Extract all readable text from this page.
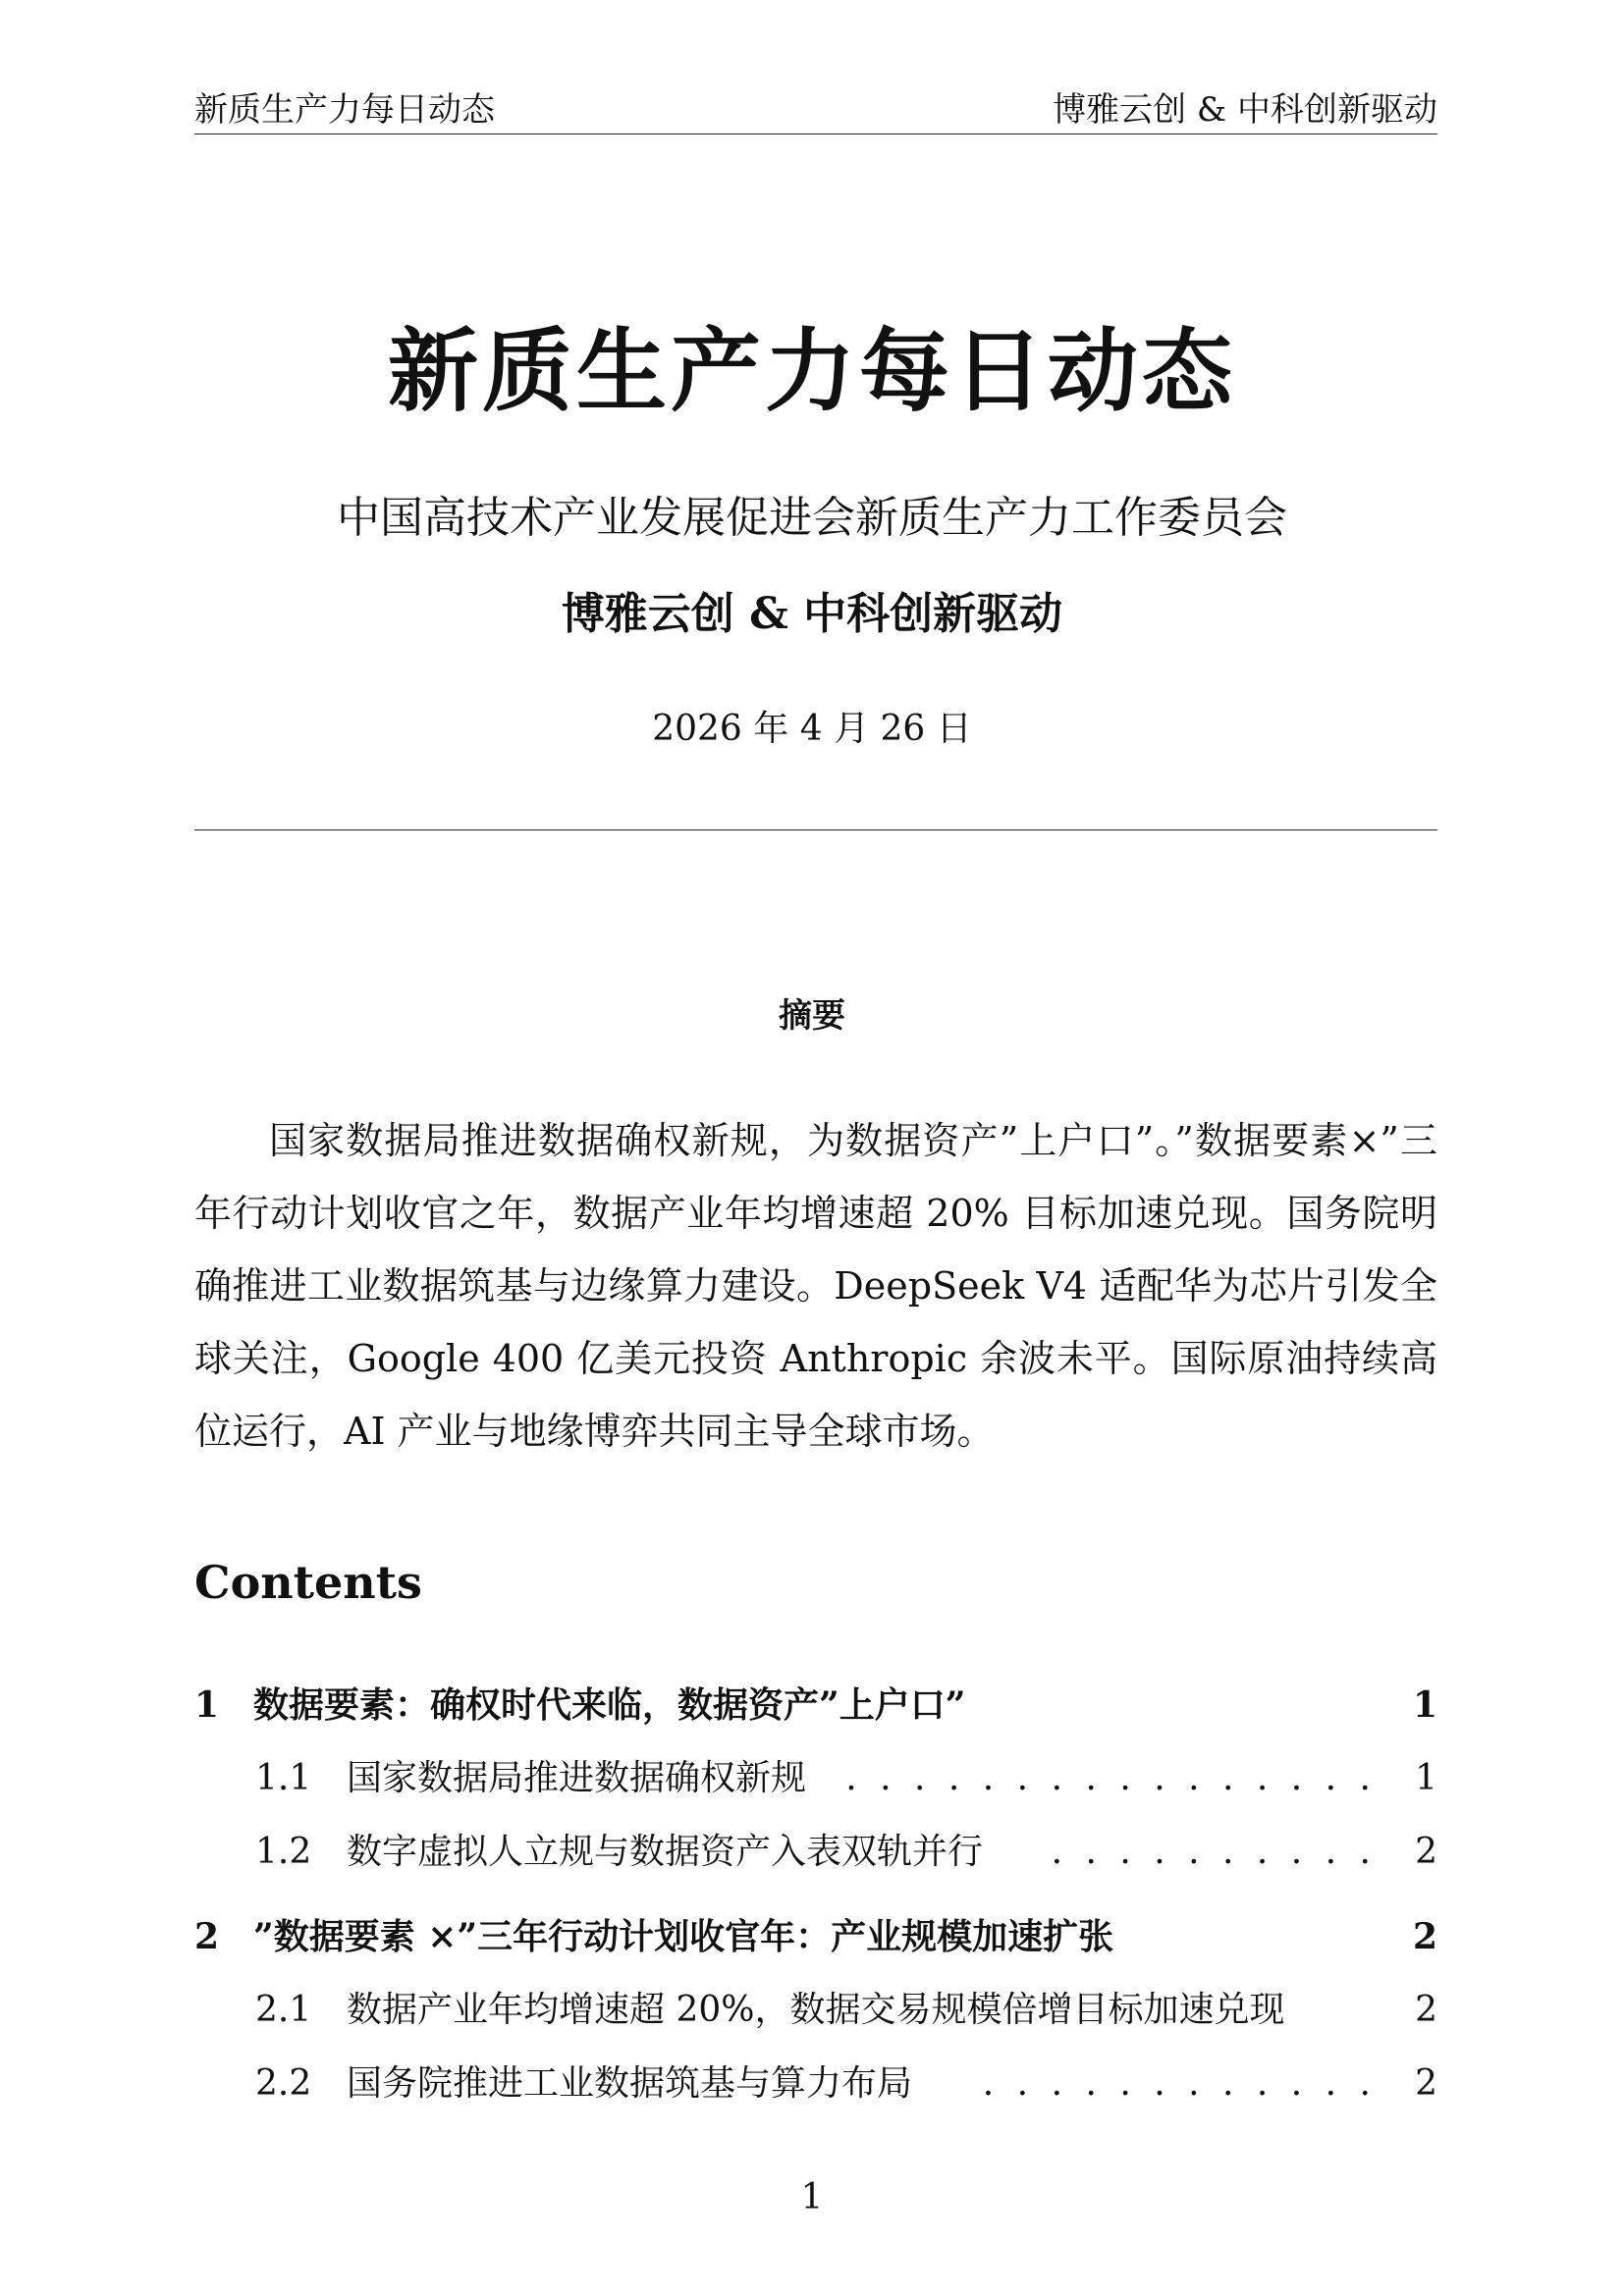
新质生产力每日动态	博雅云创 & 中科创新驱动
新质生产力每日动态
中国高技术产业发展促进会新质生产力工作委员会
博雅云创 & 中科创新驱动
2026 年 4 月 26 日
摘要

国家数据局推进数据确权新规，为数据资产”上户口”。”数据要素×”三年行动计划收官之年，数据产业年均增速超 20% 目标加速兑现。国务院明确推进工业数据筑基与边缘算力建设。DeepSeek V4 适配华为芯片引发全球关注，Google 400 亿美元投资 Anthropic 余波未平。国际原油持续高位运行，AI 产业与地缘博弈共同主导全球市场。

Contents
1 数据要素：确权时代来临，数据资产”上户口”	1
1.1 国家数据局推进数据确权新规 . . . . . . . . . . . . . . . . 1
1.2 数字虚拟人立规与数据资产入表双轨并行 . . . . . . . . . . 2
2 ”数据要素 ×”三年行动计划收官年：产业规模加速扩张	2
2.1 数据产业年均增速超 20%，数据交易规模倍增目标加速兑现	2
2.2 国务院推进工业数据筑基与算力布局 . . . . . . . . . . . . 2
1
